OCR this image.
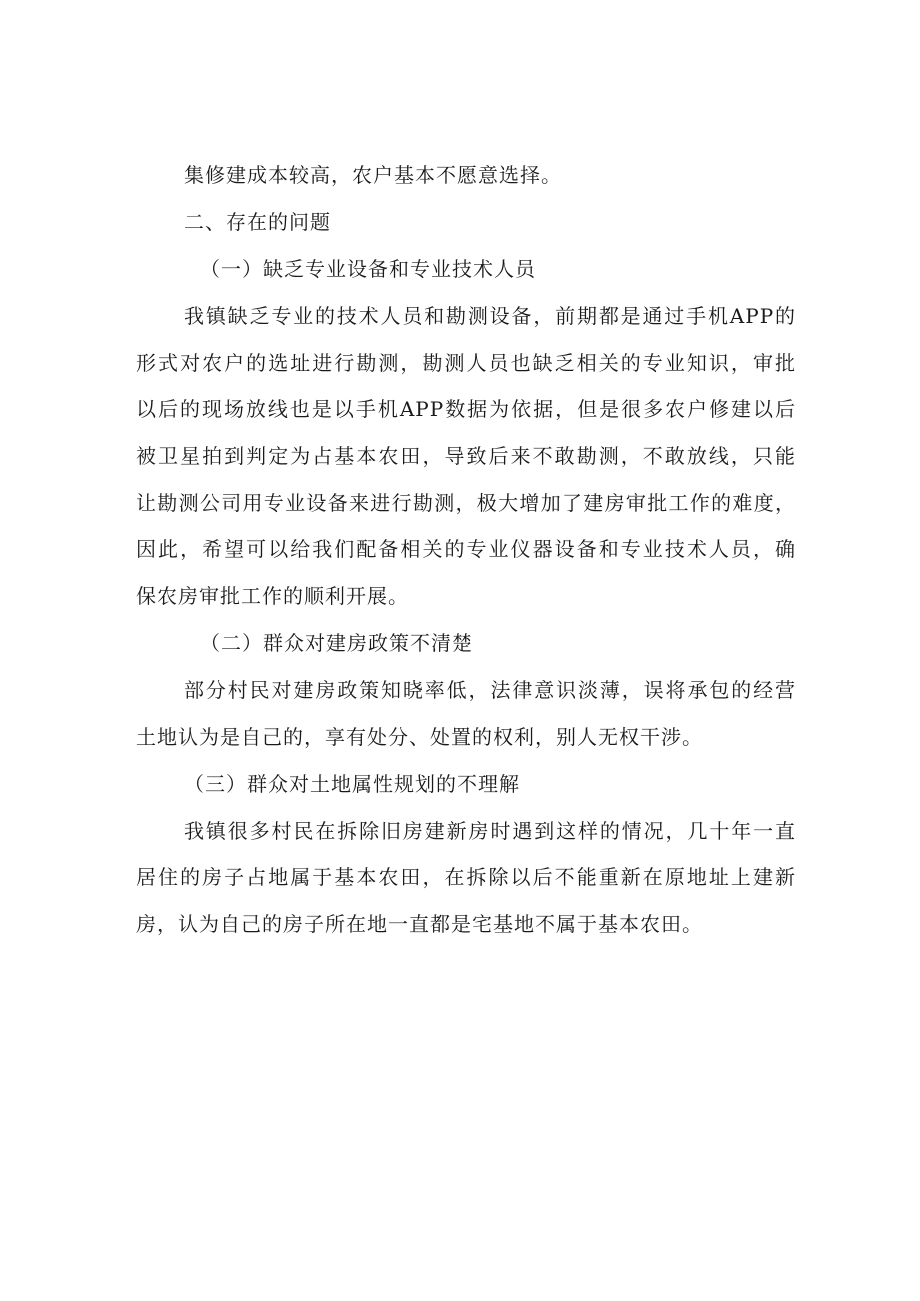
集修建成本较高，农户基本不愿意选择。
二、存在的问题
（一）缺乏专业设备和专业技术人员
我镇缺乏专业的技术人员和勘测设备，前期都是通过手机APP的
形式对农户的选址进行勘测，勘测人员也缺乏相关的专业知识，审批
以后的现场放线也是以手机APP数据为依据，但是很多农户修建以后
被卫星拍到判定为占基本农田，导致后来不敢勘测，不敢放线，只能
让勘测公司用专业设备来进行勘测，极大增加了建房审批工作的难度，
因此，希望可以给我们配备相关的专业仪器设备和专业技术人员，确
保农房审批工作的顺利开展。
（二）群众对建房政策不清楚
部分村民对建房政策知晓率低，法律意识淡薄，误将承包的经营
土地认为是自己的，享有处分、处置的权利，别人无权干涉。
（三）群众对土地属性规划的不理解
我镇很多村民在拆除旧房建新房时遇到这样的情况，几十年一直
居住的房子占地属于基本农田，在拆除以后不能重新在原地址上建新
房，认为自己的房子所在地一直都是宅基地不属于基本农田。
